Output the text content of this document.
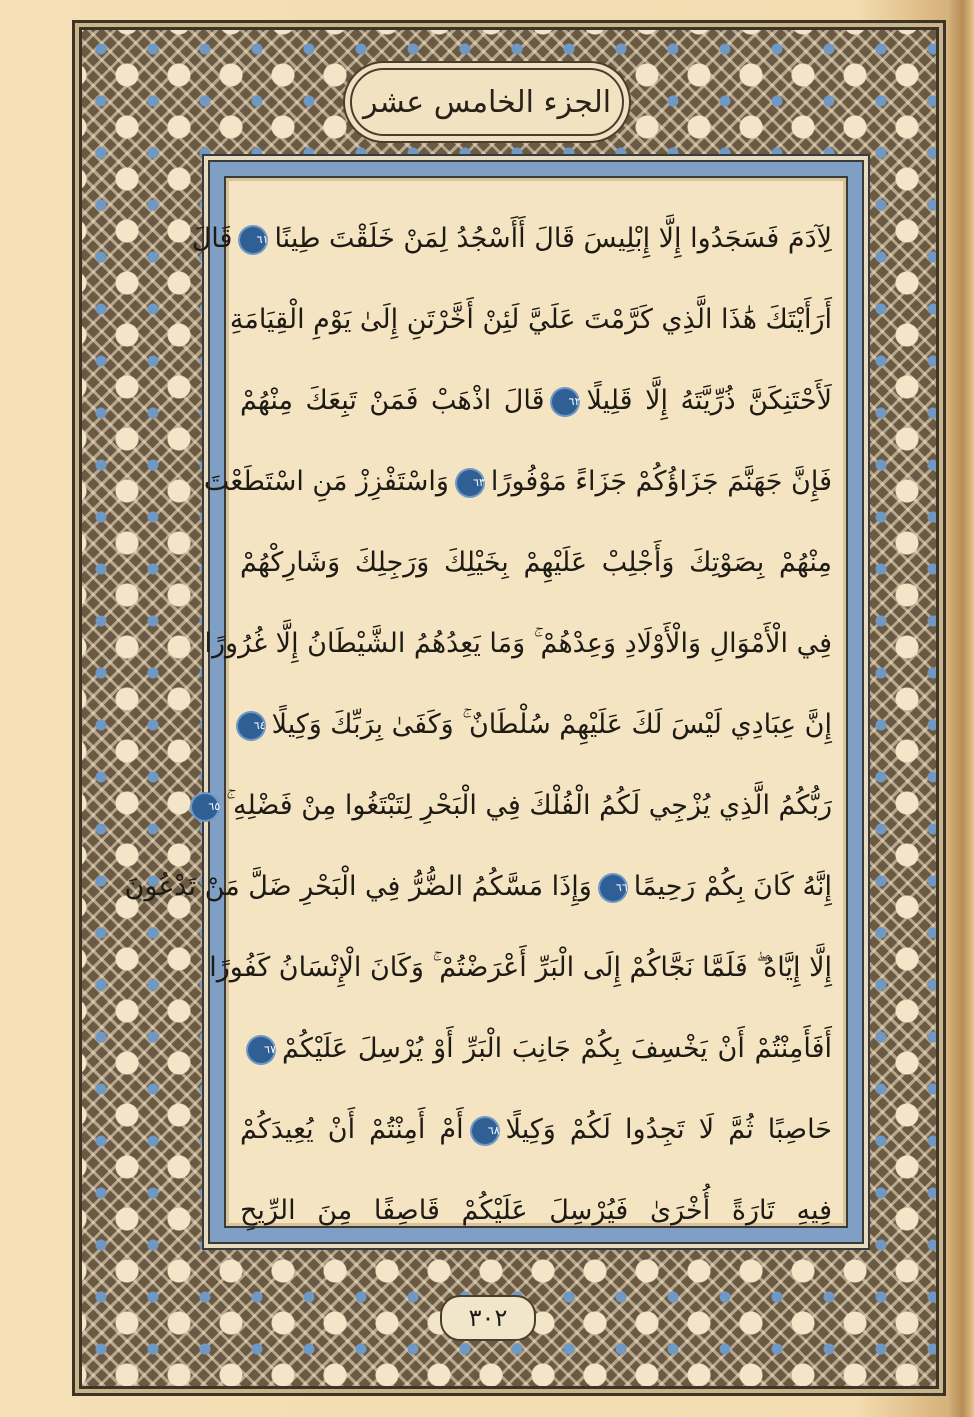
الجزء الخامس عشر
لِآدَمَ فَسَجَدُوا إِلَّا إِبْلِيسَ قَالَ أَأَسْجُدُ لِمَنْ خَلَقْتَ طِينًا٦١قَالَ
أَرَأَيْتَكَ هَٰذَا الَّذِي كَرَّمْتَ عَلَيَّ لَئِنْ أَخَّرْتَنِ إِلَىٰ يَوْمِ الْقِيَامَةِ
لَأَحْتَنِكَنَّ ذُرِّيَّتَهُ إِلَّا قَلِيلًا٦٢قَالَ اذْهَبْ فَمَنْ تَبِعَكَ مِنْهُمْ
فَإِنَّ جَهَنَّمَ جَزَاؤُكُمْ جَزَاءً مَوْفُورًا٦٣وَاسْتَفْزِزْ مَنِ اسْتَطَعْتَ
مِنْهُمْ بِصَوْتِكَ وَأَجْلِبْ عَلَيْهِمْ بِخَيْلِكَ وَرَجِلِكَ وَشَارِكْهُمْ
فِي الْأَمْوَالِ وَالْأَوْلَادِ وَعِدْهُمْ ۚ وَمَا يَعِدُهُمُ الشَّيْطَانُ إِلَّا غُرُورًا
إِنَّ عِبَادِي لَيْسَ لَكَ عَلَيْهِمْ سُلْطَانٌ ۚ وَكَفَىٰ بِرَبِّكَ وَكِيلًا٦٤
رَبُّكُمُ الَّذِي يُزْجِي لَكُمُ الْفُلْكَ فِي الْبَحْرِ لِتَبْتَغُوا مِنْ فَضْلِهِ ۚ٦٥
إِنَّهُ كَانَ بِكُمْ رَحِيمًا٦٦وَإِذَا مَسَّكُمُ الضُّرُّ فِي الْبَحْرِ ضَلَّ مَنْ تَدْعُونَ
إِلَّا إِيَّاهُ ۖ فَلَمَّا نَجَّاكُمْ إِلَى الْبَرِّ أَعْرَضْتُمْ ۚ وَكَانَ الْإِنْسَانُ كَفُورًا
أَفَأَمِنْتُمْ أَنْ يَخْسِفَ بِكُمْ جَانِبَ الْبَرِّ أَوْ يُرْسِلَ عَلَيْكُمْ٦٧
حَاصِبًا ثُمَّ لَا تَجِدُوا لَكُمْ وَكِيلًا٦٨أَمْ أَمِنْتُمْ أَنْ يُعِيدَكُمْ
فِيهِ تَارَةً أُخْرَىٰ فَيُرْسِلَ عَلَيْكُمْ قَاصِفًا مِنَ الرِّيحِ
٣٠٢
